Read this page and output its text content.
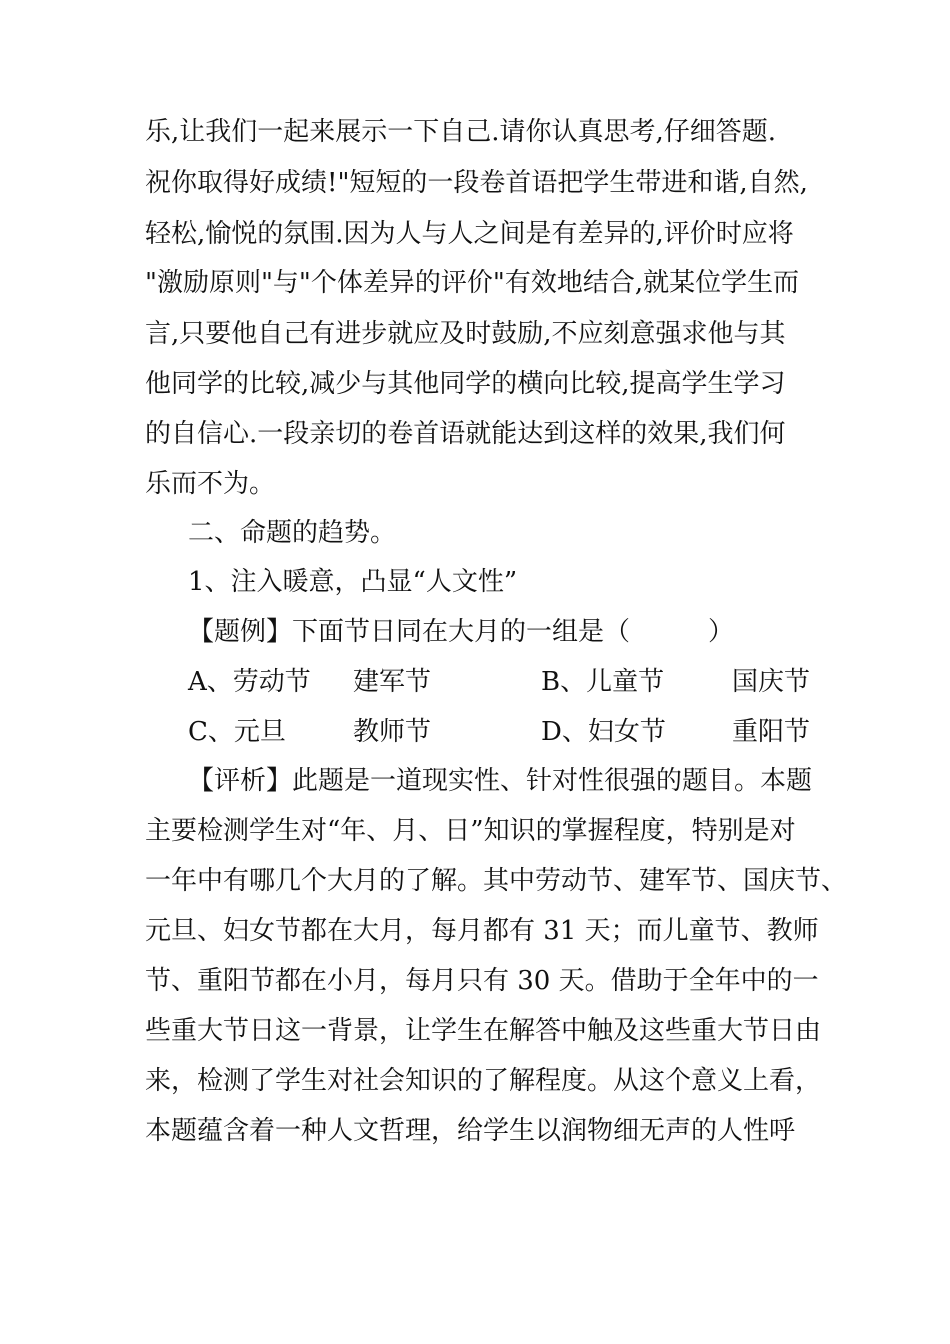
乐,让我们一起来展示一下自己.请你认真思考,仔细答题.
祝你取得好成绩!"短短的一段卷首语把学生带进和谐,自然,
轻松,愉悦的氛围.因为人与人之间是有差异的,评价时应将
"激励原则"与"个体差异的评价"有效地结合,就某位学生而
言,只要他自己有进步就应及时鼓励,不应刻意强求他与其
他同学的比较,减少与其他同学的横向比较,提高学生学习
的自信心.一段亲切的卷首语就能达到这样的效果,我们何
乐而不为。
二、命题的趋势。
1、注入暖意，凸显“人文性”
【题例】下面节日同在大月的一组是（　　　）
A、劳动节 建军节	B、儿童节	国庆节
C、元旦	教师节	D、妇女节	重阳节
【评析】此题是一道现实性、针对性很强的题目。本题
主要检测学生对“年、月、日”知识的掌握程度，特别是对
一年中有哪几个大月的了解。其中劳动节、建军节、国庆节、
元旦、妇女节都在大月，每月都有 31 天；而儿童节、教师
节、重阳节都在小月，每月只有 30 天。借助于全年中的一
些重大节日这一背景，让学生在解答中触及这些重大节日由
来，检测了学生对社会知识的了解程度。从这个意义上看，
本题蕴含着一种人文哲理，给学生以润物细无声的人性呼
